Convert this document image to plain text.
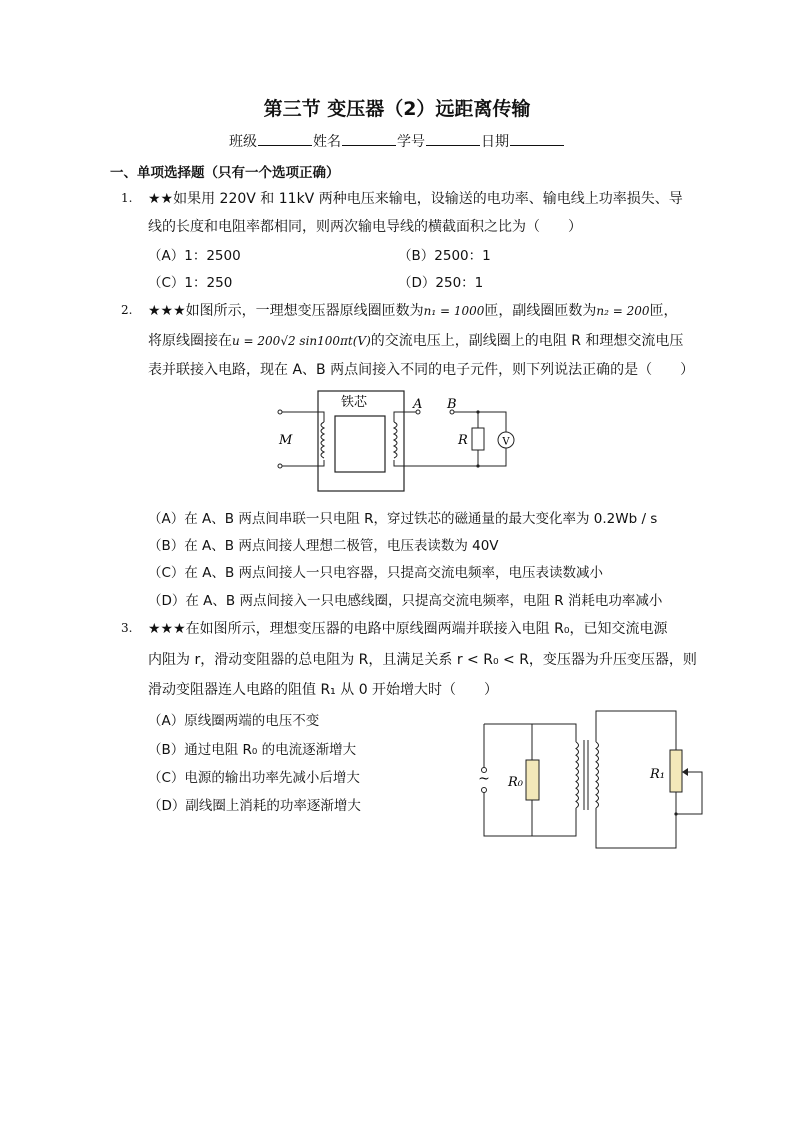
第三节 变压器（2）远距离传输
班级	姓名	学号	日期
一、单项选择题（只有一个选项正确）
1. ★★如果用 220V 和 11kV 两种电压来输电，设输送的电功率、输电线上功率损失、导
线的长度和电阻率都相同，则两次输电导线的横截面积之比为（　　）
（A）1：2500	（B）2500：1
（C）1：250	（D）250：1
2. ★★★如图所示，一理想变压器原线圈匝数为n₁ = 1000匝，副线圈匝数为n₂ = 200匝，
将原线圈接在u = 200√2 sin100πt(V)的交流电压上，副线圈上的电阻 R 和理想交流电压
表并联接入电路，现在 A、B 两点间接入不同的电子元件，则下列说法正确的是（　　）
铁芯
M
A B
R	V
（A）在 A、B 两点间串联一只电阻 R，穿过铁芯的磁通量的最大变化率为 0.2Wb / s
（B）在 A、B 两点间接人理想二极管，电压表读数为 40V
（C）在 A、B 两点间接人一只电容器，只提高交流电频率，电压表读数减小
（D）在 A、B 两点间接入一只电感线圈，只提高交流电频率，电阻 R 消耗电功率减小
3. ★★★在如图所示，理想变压器的电路中原线圈两端并联接入电阻 R₀，已知交流电源
内阻为 r，滑动变阻器的总电阻为 R，且满足关系 r < R₀ < R，变压器为升压变压器，则
滑动变阻器连人电路的阻值 R₁ 从 0 开始增大时（　　）
（A）原线圈两端的电压不变
（B）通过电阻 R₀ 的电流逐渐增大
（C）电源的输出功率先减小后增大
（D）副线圈上消耗的功率逐渐增大
~ R₀
R₁
